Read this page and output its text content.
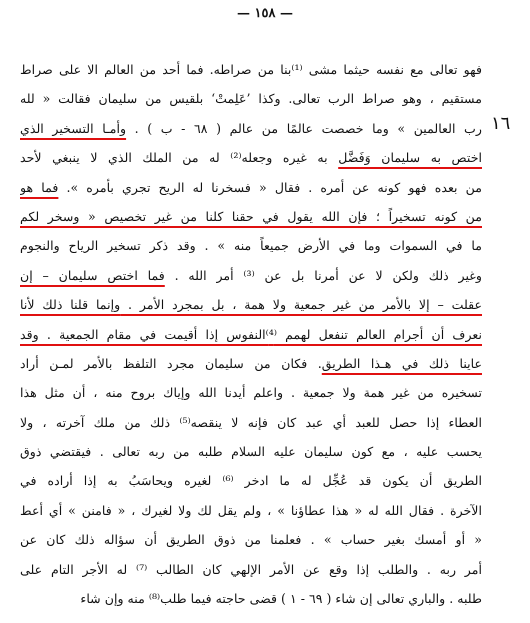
— ١٥٨ —
١٦
فهو تعالى مع نفسه حيثما مشى ⁽¹⁾بنا من صراطه. فما أحد من العالم الا على صراط
مستقيم ، وهو صراط الرب تعالى. وكذا ’عَلِمتْ‘ بلقيس من سليمان فقالت « لله
رب العالمين » وما خصصت عالمًا من عالم ( ٦٨ - ب ) . وأمـا التسخير الذي
اختص به سليمان وَفَضَّل به غيره وجعله⁽²⁾ له من الملك الذي لا ينبغي لأحد
من بعده فهو كونه عن أمره . فقال « فسخرنا له الريح تجري بأمره ». فما هو
من كونه تسخيراً ؛ فإن الله يقول في حقنا كلنا من غير تخصيص « وسخر لكم
ما في السموات وما في الأرض جميعاً منه » . وقد ذكر تسخير الرياح والنجوم
وغير ذلك ولكن لا عن أمرنا بل عن ⁽³⁾ أمر الله . فما اختص سليمان – إن
عقلت – إلا بالأمر من غير جمعية ولا همة ، بل بمجرد الأمر . وإنما قلنا ذلك لأنا
نعرف أن أجرام العالم تنفعل لهمم ⁽⁴⁾النفوس إذا أقيمت في مقام الجمعية . وقد
عاينا ذلك في هـذا الطريق. فكان من سليمان مجرد التلفظ بالأمر لمـن أراد
تسخيره من غير همة ولا جمعية . واعلم أيدنا الله وإياك بروح منه ، أن مثل هذا
العطاء إذا حصل للعبد أي عبد كان فإنه لا ينقصه⁽⁵⁾ ذلك من ملك آخرته ، ولا
يحسب عليه ، مع كون سليمان عليه السلام طلبه من ربه تعالى . فيقتضي ذوق
الطريق أن يكون قد عُجِّل له ما ادخر ⁽⁶⁾ لغيره ويحاسَبُ به إذا أراده في
الآخرة . فقال الله له « هذا عطاؤنا » ، ولم يقل لك ولا لغيرك ، « فامنن » أي أعط
« أو أمسك بغير حساب » . فعلمنا من ذوق الطريق أن سؤاله ذلك كان عن
أمر ربه . والطلب إذا وقع عن الأمر الإلهي كان الطالب ⁽⁷⁾ له الأجر التام على
طلبه . والباري تعالى إن شاء ( ٦٩ - ١ ) قضى حاجته فيما طلب⁽⁸⁾ منه وإن شاء
